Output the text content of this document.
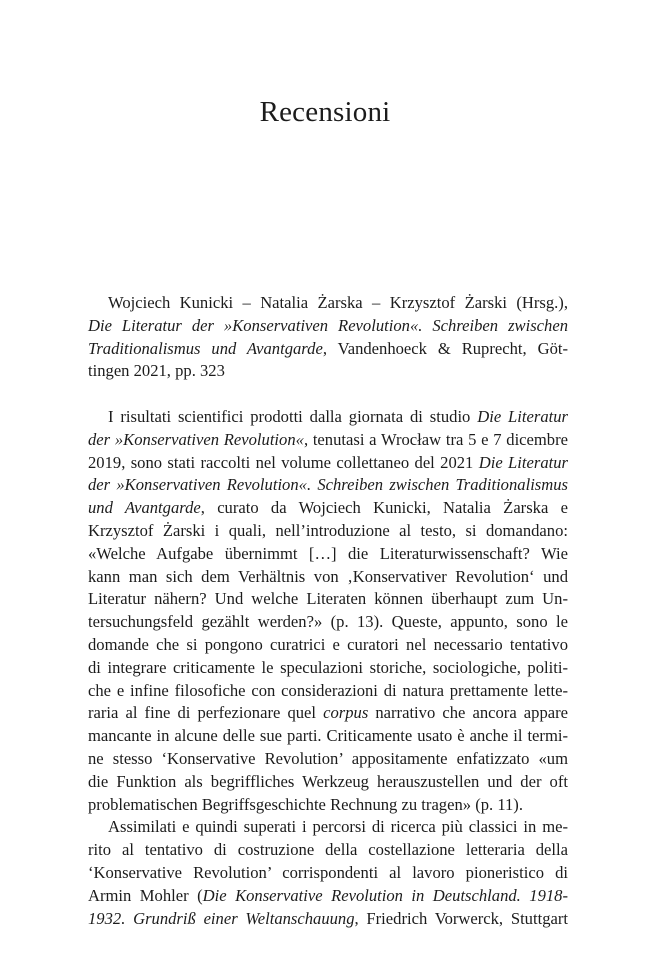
Recensioni
Wojciech Kunicki – Natalia Żarska – Krzysztof Żarski (Hrsg.),
Die Literatur der »Konservativen Revolution«. Schreiben zwischen
Traditionalismus und Avantgarde, Vandenhoeck & Ruprecht, Göt-
tingen 2021, pp. 323
I risultati scientifici prodotti dalla giornata di studio Die Literatur
der »Konservativen Revolution«, tenutasi a Wrocław tra 5 e 7 dicembre
2019, sono stati raccolti nel volume collettaneo del 2021 Die Literatur
der »Konservativen Revolution«. Schreiben zwischen Traditionalismus
und Avantgarde, curato da Wojciech Kunicki, Natalia Żarska e
Krzysztof Żarski i quali, nell’introduzione al testo, si domandano:
«Welche Aufgabe übernimmt […] die Literaturwissenschaft? Wie
kann man sich dem Verhältnis von ‚Konservativer Revolution‘ und
Literatur nähern? Und welche Literaten können überhaupt zum Un-
tersuchungsfeld gezählt werden?» (p. 13). Queste, appunto, sono le
domande che si pongono curatrici e curatori nel necessario tentativo
di integrare criticamente le speculazioni storiche, sociologiche, politi-
che e infine filosofiche con considerazioni di natura prettamente lette-
raria al fine di perfezionare quel corpus narrativo che ancora appare
mancante in alcune delle sue parti. Criticamente usato è anche il termi-
ne stesso ‘Konservative Revolution’ appositamente enfatizzato «um
die Funktion als begriffliches Werkzeug herauszustellen und der oft
problematischen Begriffsgeschichte Rechnung zu tragen» (p. 11).
Assimilati e quindi superati i percorsi di ricerca più classici in me-
rito al tentativo di costruzione della costellazione letteraria della
‘Konservative Revolution’ corrispondenti al lavoro pioneristico di
Armin Mohler (Die Konservative Revolution in Deutschland. 1918-
1932. Grundriß einer Weltanschauung, Friedrich Vorwerck, Stuttgart
